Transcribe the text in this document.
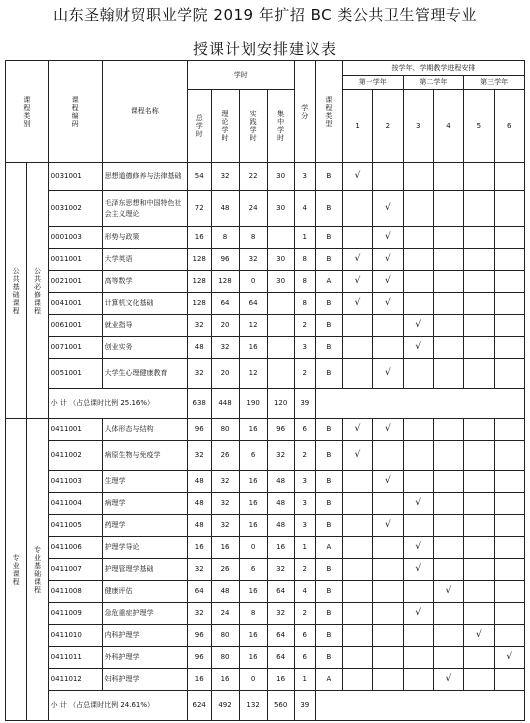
山东圣翰财贸职业学院 2019 年扩招 BC 类公共卫生管理专业
授课计划安排建议表
课程类别		课程编码	课程名称	学时				学分	课程类型	按学年、学期教学进程安排					
										第一学年		第二学年		第三学年	

				总学时	理论学时	实践学时	集中学时			1	2	3	4	5	6

公共基础课程	公共必修课程	0031001	思想道德修养与法律基础	54	32	22	30	3	B	√					
		0031002	毛泽东思想和中国特色社会主义理论	72	48	24	30	4	B		√				
		0001003	形势与政策	16	8	8		1	B		√				
		0011001	大学英语	128	96	32	30	8	B	√	√				
		0021001	高等数学	128	128	0	30	8	A	√	√				
		0041001	计算机文化基础	128	64	64		8	B	√	√				
		0061001	就业指导	32	20	12		2	B			√			
		0071001	创业实务	48	32	16		3	B			√			
		0051001	大学生心理健康教育	32	20	12		2	B		√				
		小 计 （占总课时比例 25.16%）		638	448	190	120	39							

专业课程	专业基础课程	0411001	人体形态与结构	96	80	16	96	6	B	√	√				
		0411002	病原生物与免疫学	32	26	6	32	2	B	√					
		0411003	生理学	48	32	16	48	3	B		√				
		0411004	病理学	48	32	16	48	3	B			√			
		0411005	药理学	48	32	16	48	3	B		√				
		0411006	护理学导论	16	16	0	16	1	A			√			
		0411007	护理管理学基础	32	26	6	32	2	B			√			
		0411008	健康评估	64	48	16	64	4	B				√		
		0411009	急危重症护理学	32	24	8	32	2	B			√			
		0411010	内科护理学	96	80	16	64	6	B					√	
		0411011	外科护理学	96	80	16	64	6	B						√
		0411012	妇科护理学	16	16	0	16	1	A				√		
		小 计 （占总课时比例 24.61%）		624	492	132	560	39							
